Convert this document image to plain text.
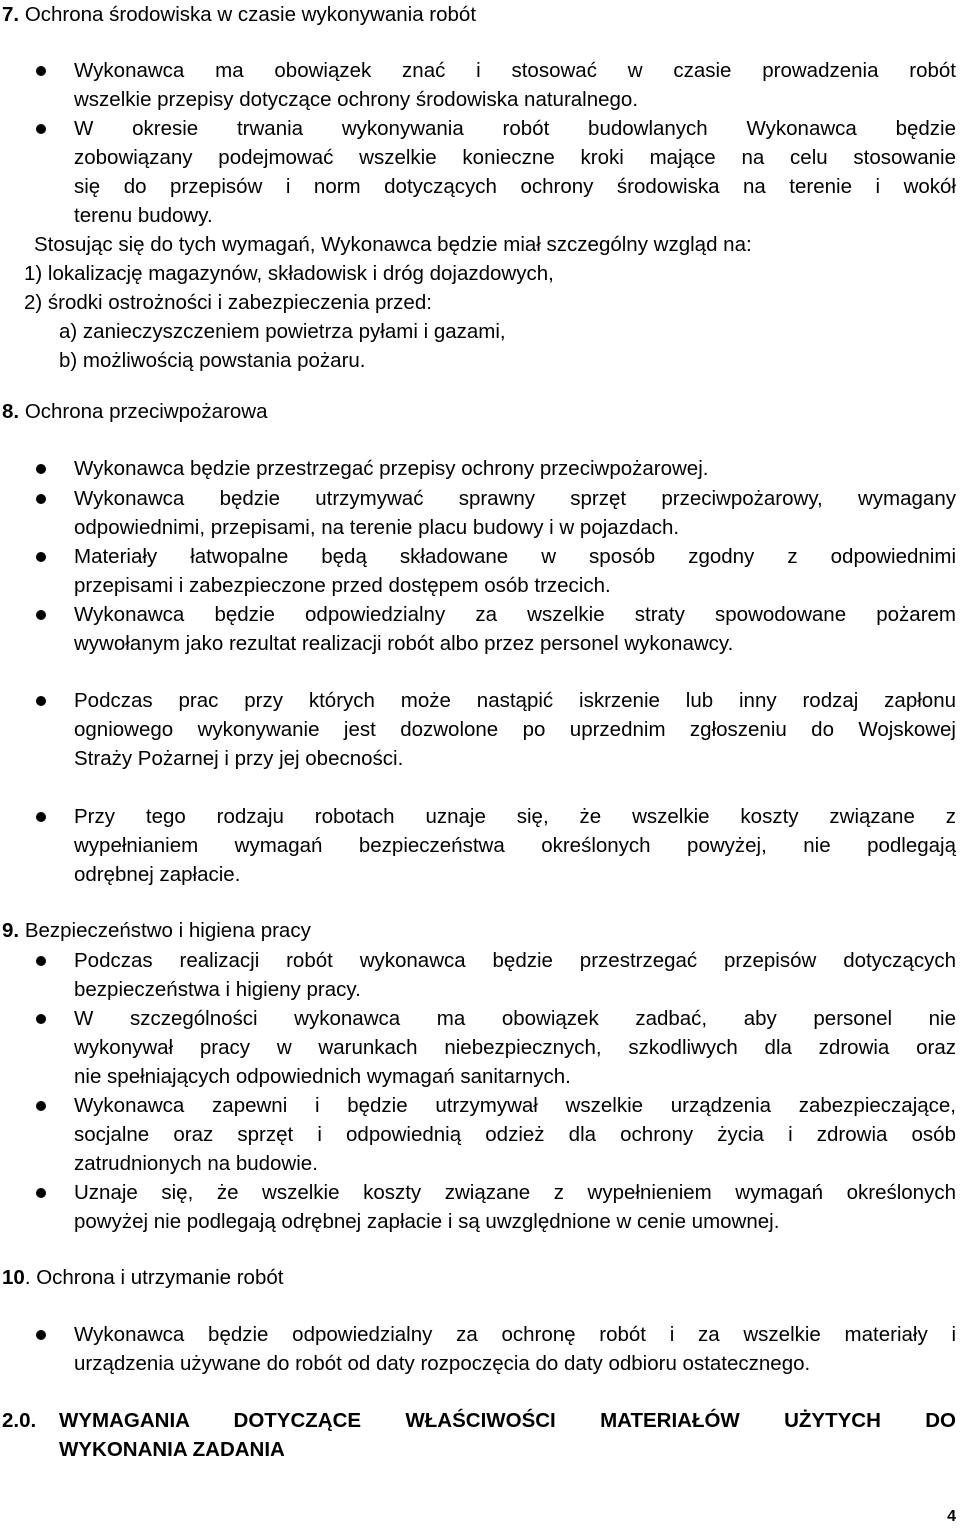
7. Ochrona środowiska w czasie wykonywania robót
Wykonawca ma obowiązek znać i stosować w czasie prowadzenia robót
wszelkie przepisy dotyczące ochrony środowiska naturalnego.
W okresie trwania wykonywania robót budowlanych Wykonawca będzie
zobowiązany podejmować wszelkie konieczne kroki mające na celu stosowanie
się do przepisów i norm dotyczących ochrony środowiska na terenie i wokół
terenu budowy.
Stosując się do tych wymagań, Wykonawca będzie miał szczególny wzgląd na:
1) lokalizację magazynów, składowisk i dróg dojazdowych,
2) środki ostrożności i zabezpieczenia przed:
a) zanieczyszczeniem powietrza pyłami i gazami,
b) możliwością powstania pożaru.
8. Ochrona przeciwpożarowa
Wykonawca będzie przestrzegać przepisy ochrony przeciwpożarowej.
Wykonawca będzie utrzymywać sprawny sprzęt przeciwpożarowy, wymagany
odpowiednimi, przepisami, na terenie placu budowy i w pojazdach.
Materiały łatwopalne będą składowane w sposób zgodny z odpowiednimi
przepisami i zabezpieczone przed dostępem osób trzecich.
Wykonawca będzie odpowiedzialny za wszelkie straty spowodowane pożarem
wywołanym jako rezultat realizacji robót albo przez personel wykonawcy.
Podczas prac przy których może nastąpić iskrzenie lub inny rodzaj zapłonu
ogniowego wykonywanie jest dozwolone po uprzednim zgłoszeniu do Wojskowej
Straży Pożarnej i przy jej obecności.
Przy tego rodzaju robotach uznaje się, że wszelkie koszty związane z
wypełnianiem wymagań bezpieczeństwa określonych powyżej, nie podlegają
odrębnej zapłacie.
9. Bezpieczeństwo i higiena pracy
Podczas realizacji robót wykonawca będzie przestrzegać przepisów dotyczących
bezpieczeństwa i higieny pracy.
W szczególności wykonawca ma obowiązek zadbać, aby personel nie
wykonywał pracy w warunkach niebezpiecznych, szkodliwych dla zdrowia oraz
nie spełniających odpowiednich wymagań sanitarnych.
Wykonawca zapewni i będzie utrzymywał wszelkie urządzenia zabezpieczające,
socjalne oraz sprzęt i odpowiednią odzież dla ochrony życia i zdrowia osób
zatrudnionych na budowie.
Uznaje się, że wszelkie koszty związane z wypełnieniem wymagań określonych
powyżej nie podlegają odrębnej zapłacie i są uwzględnione w cenie umownej.
10. Ochrona i utrzymanie robót
Wykonawca będzie odpowiedzialny za ochronę robót i za wszelkie materiały i
urządzenia używane do robót od daty rozpoczęcia do daty odbioru ostatecznego.
2.0. WYMAGANIA DOTYCZĄCE WŁAŚCIWOŚCI MATERIAŁÓW UŻYTYCH DO
WYKONANIA ZADANIA
4
